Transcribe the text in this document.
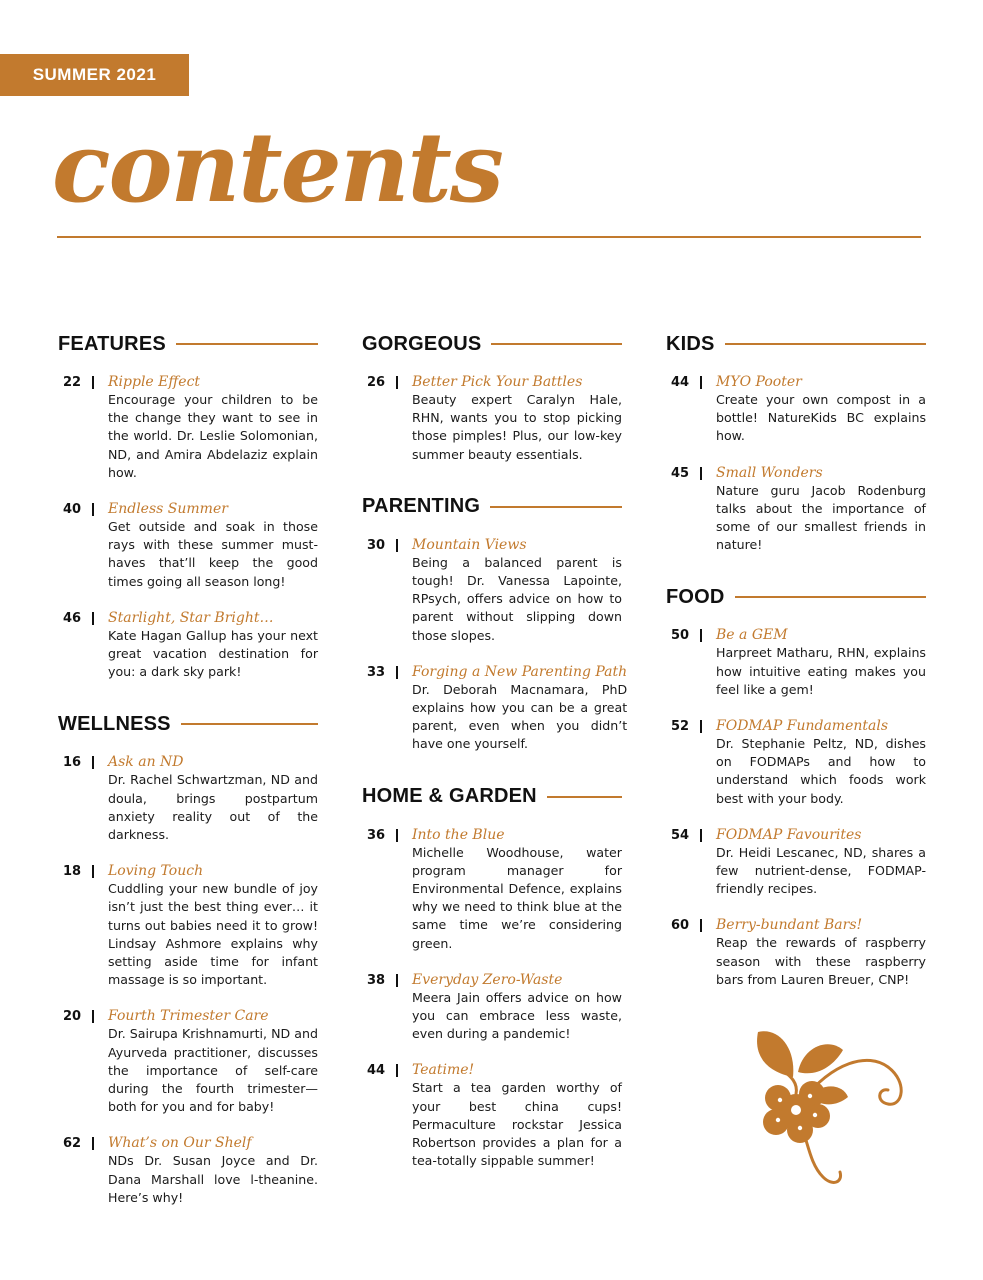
SUMMER 2021
contents
FEATURES
22	Ripple Effect

Encourage your children to be the change they want to see in the world. Dr. Leslie Solomonian, ND, and Amira Abdelaziz explain how.

40	Endless Summer

Get outside and soak in those rays with these summer must-haves that’ll keep the good times going all season long!

46	Starlight, Star Bright…

Kate Hagan Gallup has your next great vacation destination for you: a dark sky park!

WELLNESS
16	Ask an ND

Dr. Rachel Schwartzman, ND and doula, brings postpartum anxiety reality out of the darkness.

18	Loving Touch

Cuddling your new bundle of joy isn’t just the best thing ever… it turns out babies need it to grow! Lindsay Ashmore explains why setting aside time for infant massage is so important.

20	Fourth Trimester Care

Dr. Sairupa Krishnamurti, ND and Ayurveda practitioner, discusses the importance of self-care during the fourth trimester—both for you and for baby!

62	What’s on Our Shelf

NDs Dr. Susan Joyce and Dr. Dana Marshall love l-theanine. Here’s why!

GORGEOUS
26	Better Pick Your Battles

Beauty expert Caralyn Hale, RHN, wants you to stop picking those pimples! Plus, our low-key summer beauty essentials.

PARENTING
30	Mountain Views

Being a balanced parent is tough! Dr. Vanessa Lapointe, RPsych, offers advice on how to parent without slipping down those slopes.

33	Forging a New Parenting Path

Dr. Deborah Macnamara, PhD explains how you can be a great parent, even when you didn’t have one yourself.

HOME & GARDEN
36	Into the Blue

Michelle Woodhouse, water program manager for Environmental Defence, explains why we need to think blue at the same time we’re considering green.

38	Everyday Zero-Waste

Meera Jain offers advice on how you can embrace less waste, even during a pandemic!

44	Teatime!

Start a tea garden worthy of your best china cups! Permaculture rockstar Jessica Robertson provides a plan for a tea-totally sippable summer!

KIDS
44	MYO Pooter

Create your own compost in a bottle! NatureKids BC explains how.

45	Small Wonders

Nature guru Jacob Rodenburg talks about the importance of some of our smallest friends in nature!

FOOD
50	Be a GEM

Harpreet Matharu, RHN, explains how intuitive eating makes you feel like a gem!

52	FODMAP Fundamentals

Dr. Stephanie Peltz, ND, dishes on FODMAPs and how to understand which foods work best with your body.

54	FODMAP Favourites

Dr. Heidi Lescanec, ND, shares a few nutrient-dense, FODMAP-friendly recipes.

60	Berry-bundant Bars!

Reap the rewards of raspberry season with these raspberry bars from Lauren Breuer, CNP!
